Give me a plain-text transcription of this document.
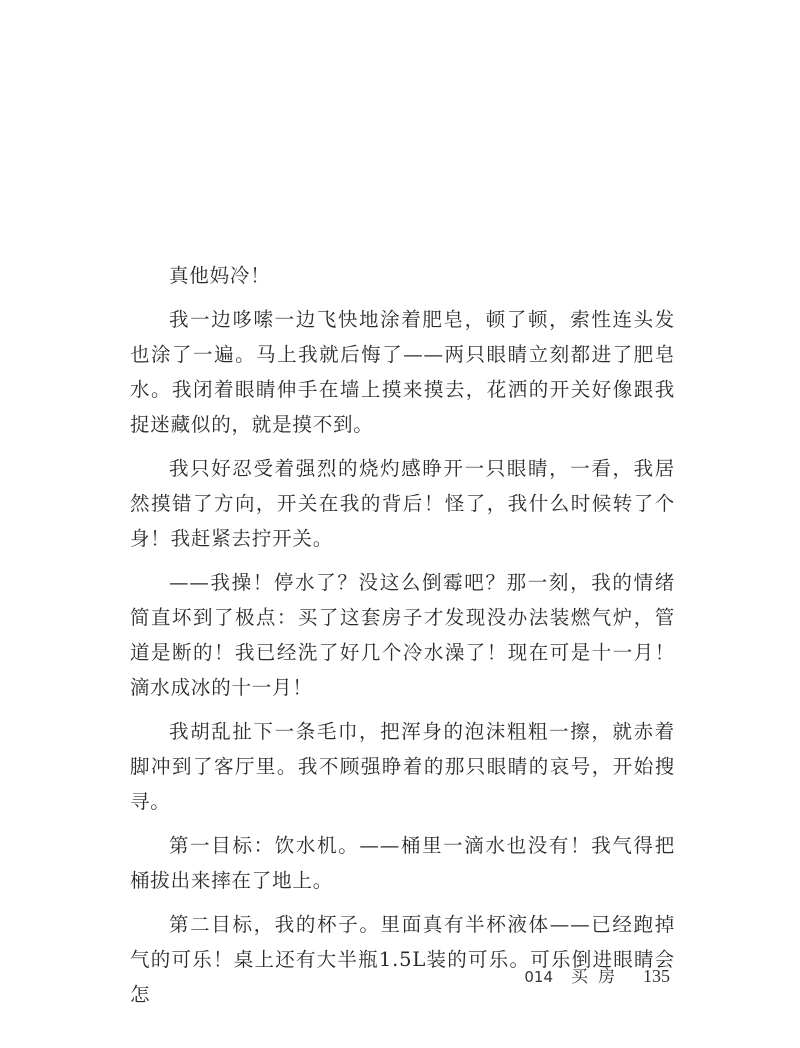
真他妈冷！

我一边哆嗦一边飞快地涂着肥皂，顿了顿，索性连头发也涂了一遍。马上我就后悔了——两只眼睛立刻都进了肥皂水。我闭着眼睛伸手在墙上摸来摸去，花洒的开关好像跟我捉迷藏似的，就是摸不到。

我只好忍受着强烈的烧灼感睁开一只眼睛，一看，我居然摸错了方向，开关在我的背后！怪了，我什么时候转了个身！我赶紧去拧开关。

——我操！停水了？没这么倒霉吧？那一刻，我的情绪简直坏到了极点：买了这套房子才发现没办法装燃气炉，管道是断的！我已经洗了好几个冷水澡了！现在可是十一月！滴水成冰的十一月！

我胡乱扯下一条毛巾，把浑身的泡沫粗粗一擦，就赤着脚冲到了客厅里。我不顾强睁着的那只眼睛的哀号，开始搜寻。

第一目标：饮水机。——桶里一滴水也没有！我气得把桶拔出来摔在了地上。

第二目标，我的杯子。里面真有半杯液体——已经跑掉气的可乐！桌上还有大半瓶1.5L装的可乐。可乐倒进眼睛会怎

014 买房 135
